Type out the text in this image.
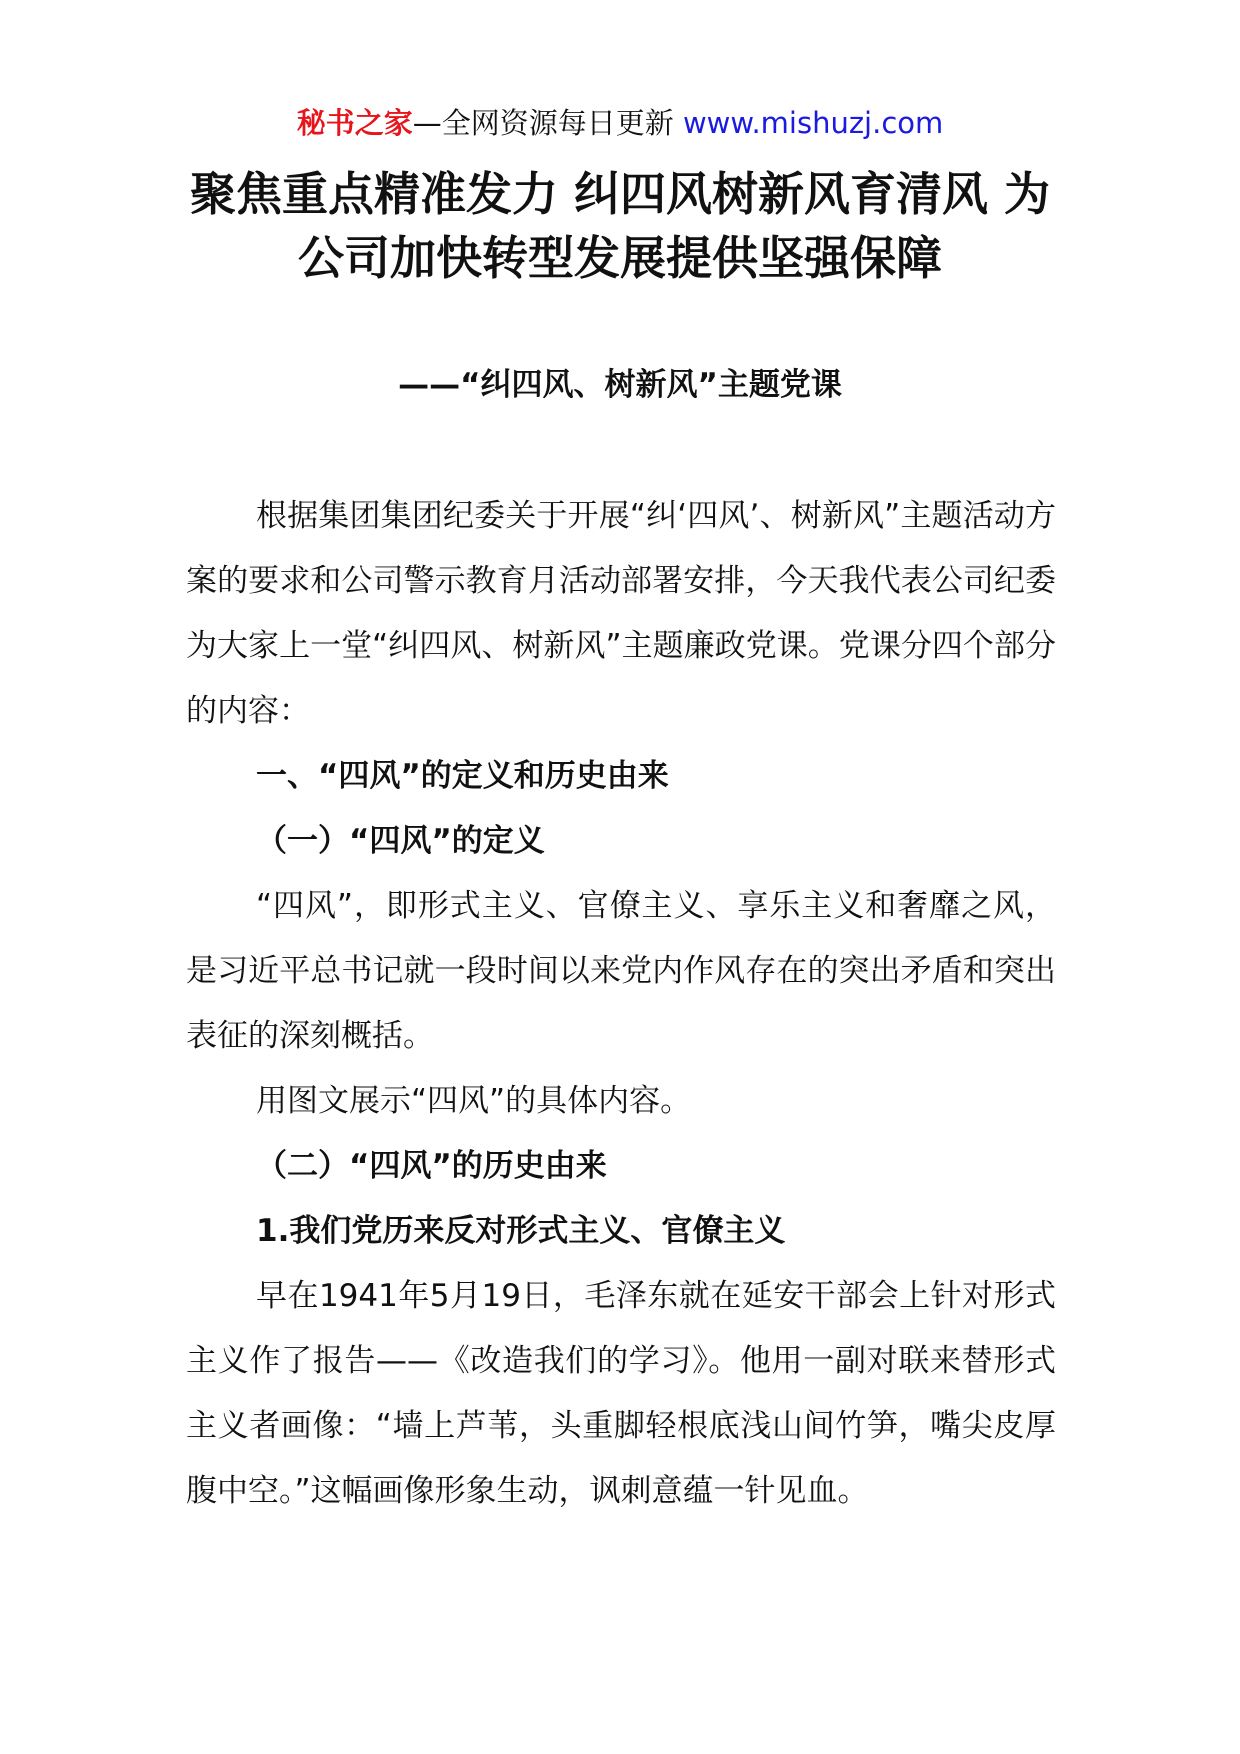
秘书之家—全网资源每日更新 www.mishuzj.com
聚焦重点精准发力 纠四风树新风育清风 为
公司加快转型发展提供坚强保障
——“纠四风、树新风”主题党课

根据集团集团纪委关于开展“纠‘四风’、树新风”主题活动方案的要求和公司警示教育月活动部署安排，今天我代表公司纪委为大家上一堂“纠四风、树新风”主题廉政党课。党课分四个部分的内容：

一、“四风”的定义和历史由来

（一）“四风”的定义

“四风”，即形式主义、官僚主义、享乐主义和奢靡之风，是习近平总书记就一段时间以来党内作风存在的突出矛盾和突出表征的深刻概括。

用图文展示“四风”的具体内容。

（二）“四风”的历史由来

1.我们党历来反对形式主义、官僚主义

早在1941年5月19日，毛泽东就在延安干部会上针对形式主义作了报告——《改造我们的学习》。他用一副对联来替形式主义者画像：“墙上芦苇，头重脚轻根底浅山间竹笋，嘴尖皮厚腹中空。”这幅画像形象生动，讽刺意蕴一针见血。
